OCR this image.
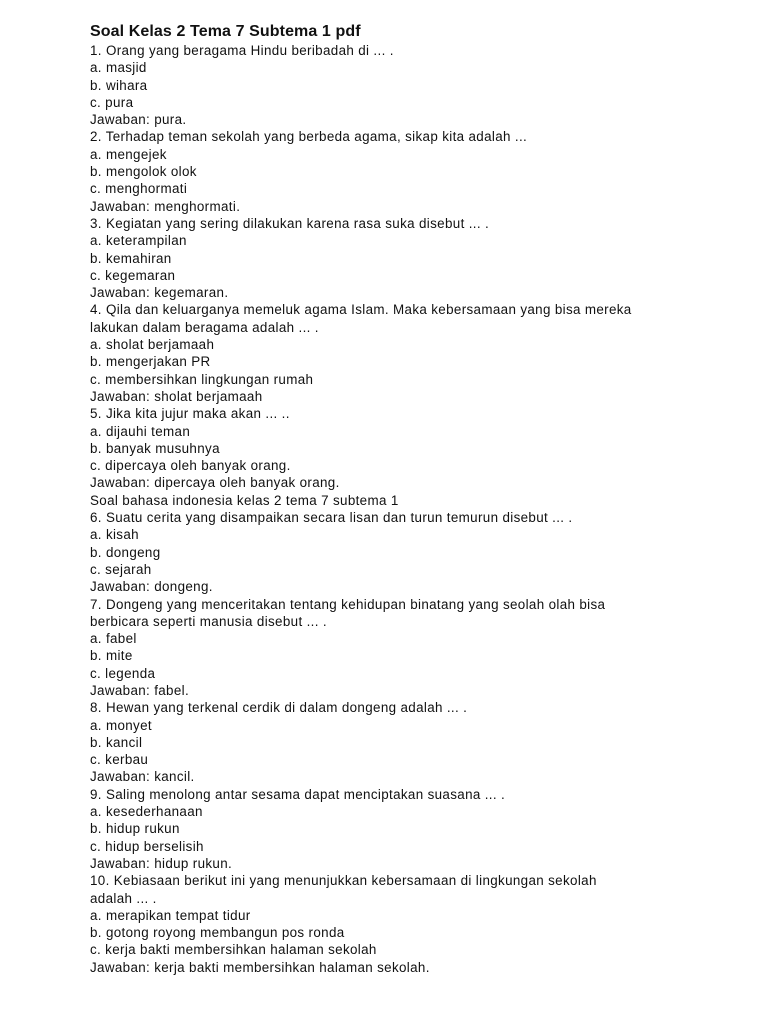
Soal Kelas 2 Tema 7 Subtema 1 pdf
1. Orang yang beragama Hindu beribadah di ... .
a. masjid
b. wihara
c. pura
Jawaban: pura.
2. Terhadap teman sekolah yang berbeda agama, sikap kita adalah ...
a. mengejek
b. mengolok olok
c. menghormati
Jawaban: menghormati.
3. Kegiatan yang sering dilakukan karena rasa suka disebut ... .
a. keterampilan
b. kemahiran
c. kegemaran
Jawaban: kegemaran.
4. Qila dan keluarganya memeluk agama Islam. Maka kebersamaan yang bisa mereka
lakukan dalam beragama adalah ... .
a. sholat berjamaah
b. mengerjakan PR
c. membersihkan lingkungan rumah
Jawaban: sholat berjamaah
5. Jika kita jujur maka akan ... ..
a. dijauhi teman
b. banyak musuhnya
c. dipercaya oleh banyak orang.
Jawaban: dipercaya oleh banyak orang.
Soal bahasa indonesia kelas 2 tema 7 subtema 1
6. Suatu cerita yang disampaikan secara lisan dan turun temurun disebut ... .
a. kisah
b. dongeng
c. sejarah
Jawaban: dongeng.
7. Dongeng yang menceritakan tentang kehidupan binatang yang seolah olah bisa
berbicara seperti manusia disebut ... .
a. fabel
b. mite
c. legenda
Jawaban: fabel.
8. Hewan yang terkenal cerdik di dalam dongeng adalah ... .
a. monyet
b. kancil
c. kerbau
Jawaban: kancil.
9. Saling menolong antar sesama dapat menciptakan suasana ... .
a. kesederhanaan
b. hidup rukun
c. hidup berselisih
Jawaban: hidup rukun.
10. Kebiasaan berikut ini yang menunjukkan kebersamaan di lingkungan sekolah
adalah ... .
a. merapikan tempat tidur
b. gotong royong membangun pos ronda
c. kerja bakti membersihkan halaman sekolah
Jawaban: kerja bakti membersihkan halaman sekolah.
